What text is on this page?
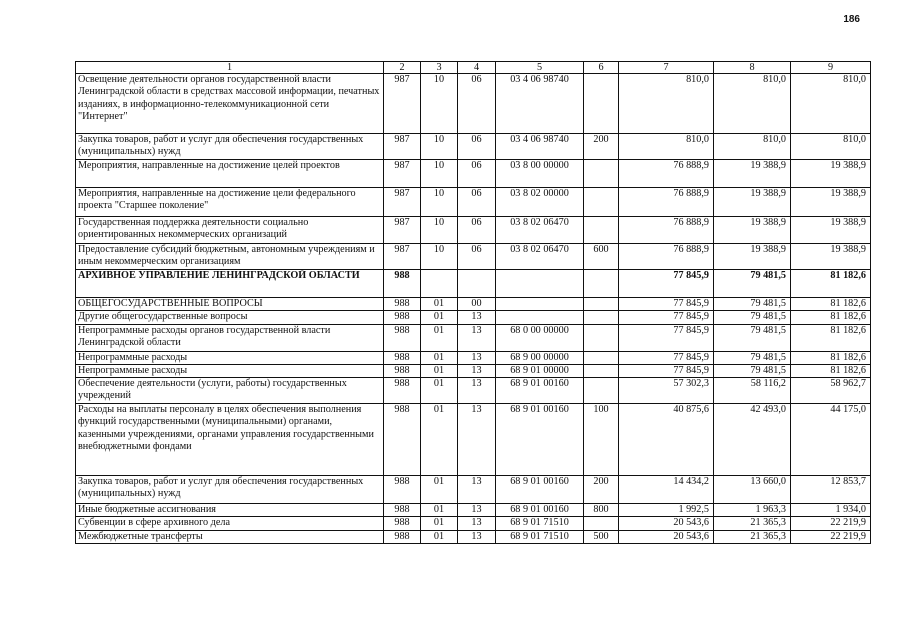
186
1	2	3	4	5	6	7	8	9
Освещение деятельности органов государственной власти Ленинградской области в средствах массовой информации, печатных изданиях, в информационно-телекоммуникационной сети "Интернет"	987	10	06	03 4 06 98740		810,0	810,0	810,0
Закупка товаров, работ и услуг для обеспечения государственных (муниципальных) нужд	987	10	06	03 4 06 98740	200	810,0	810,0	810,0
Мероприятия, направленные на достижение целей проектов	987	10	06	03 8 00 00000		76 888,9	19 388,9	19 388,9
Мероприятия, направленные на достижение цели федерального проекта "Старшее поколение"	987	10	06	03 8 02 00000		76 888,9	19 388,9	19 388,9
Государственная поддержка деятельности социально ориентированных некоммерческих организаций	987	10	06	03 8 02 06470		76 888,9	19 388,9	19 388,9
Предоставление субсидий бюджетным, автономным учреждениям и иным некоммерческим организациям	987	10	06	03 8 02 06470	600	76 888,9	19 388,9	19 388,9
АРХИВНОЕ УПРАВЛЕНИЕ ЛЕНИНГРАДСКОЙ ОБЛАСТИ	988					77 845,9	79 481,5	81 182,6
ОБЩЕГОСУДАРСТВЕННЫЕ ВОПРОСЫ	988	01	00			77 845,9	79 481,5	81 182,6
Другие общегосударственные вопросы	988	01	13			77 845,9	79 481,5	81 182,6
Непрограммные расходы органов государственной власти Ленинградской области	988	01	13	68 0 00 00000		77 845,9	79 481,5	81 182,6
Непрограммные расходы	988	01	13	68 9 00 00000		77 845,9	79 481,5	81 182,6
Непрограммные расходы	988	01	13	68 9 01 00000		77 845,9	79 481,5	81 182,6
Обеспечение деятельности (услуги, работы) государственных учреждений	988	01	13	68 9 01 00160		57 302,3	58 116,2	58 962,7
Расходы на выплаты персоналу в целях обеспечения выполнения функций государственными (муниципальными) органами, казенными учреждениями, органами управления государственными внебюджетными фондами	988	01	13	68 9 01 00160	100	40 875,6	42 493,0	44 175,0
Закупка товаров, работ и услуг для обеспечения государственных (муниципальных) нужд	988	01	13	68 9 01 00160	200	14 434,2	13 660,0	12 853,7
Иные бюджетные ассигнования	988	01	13	68 9 01 00160	800	1 992,5	1 963,3	1 934,0
Субвенции в сфере архивного дела	988	01	13	68 9 01 71510		20 543,6	21 365,3	22 219,9
Межбюджетные трансферты	988	01	13	68 9 01 71510	500	20 543,6	21 365,3	22 219,9
